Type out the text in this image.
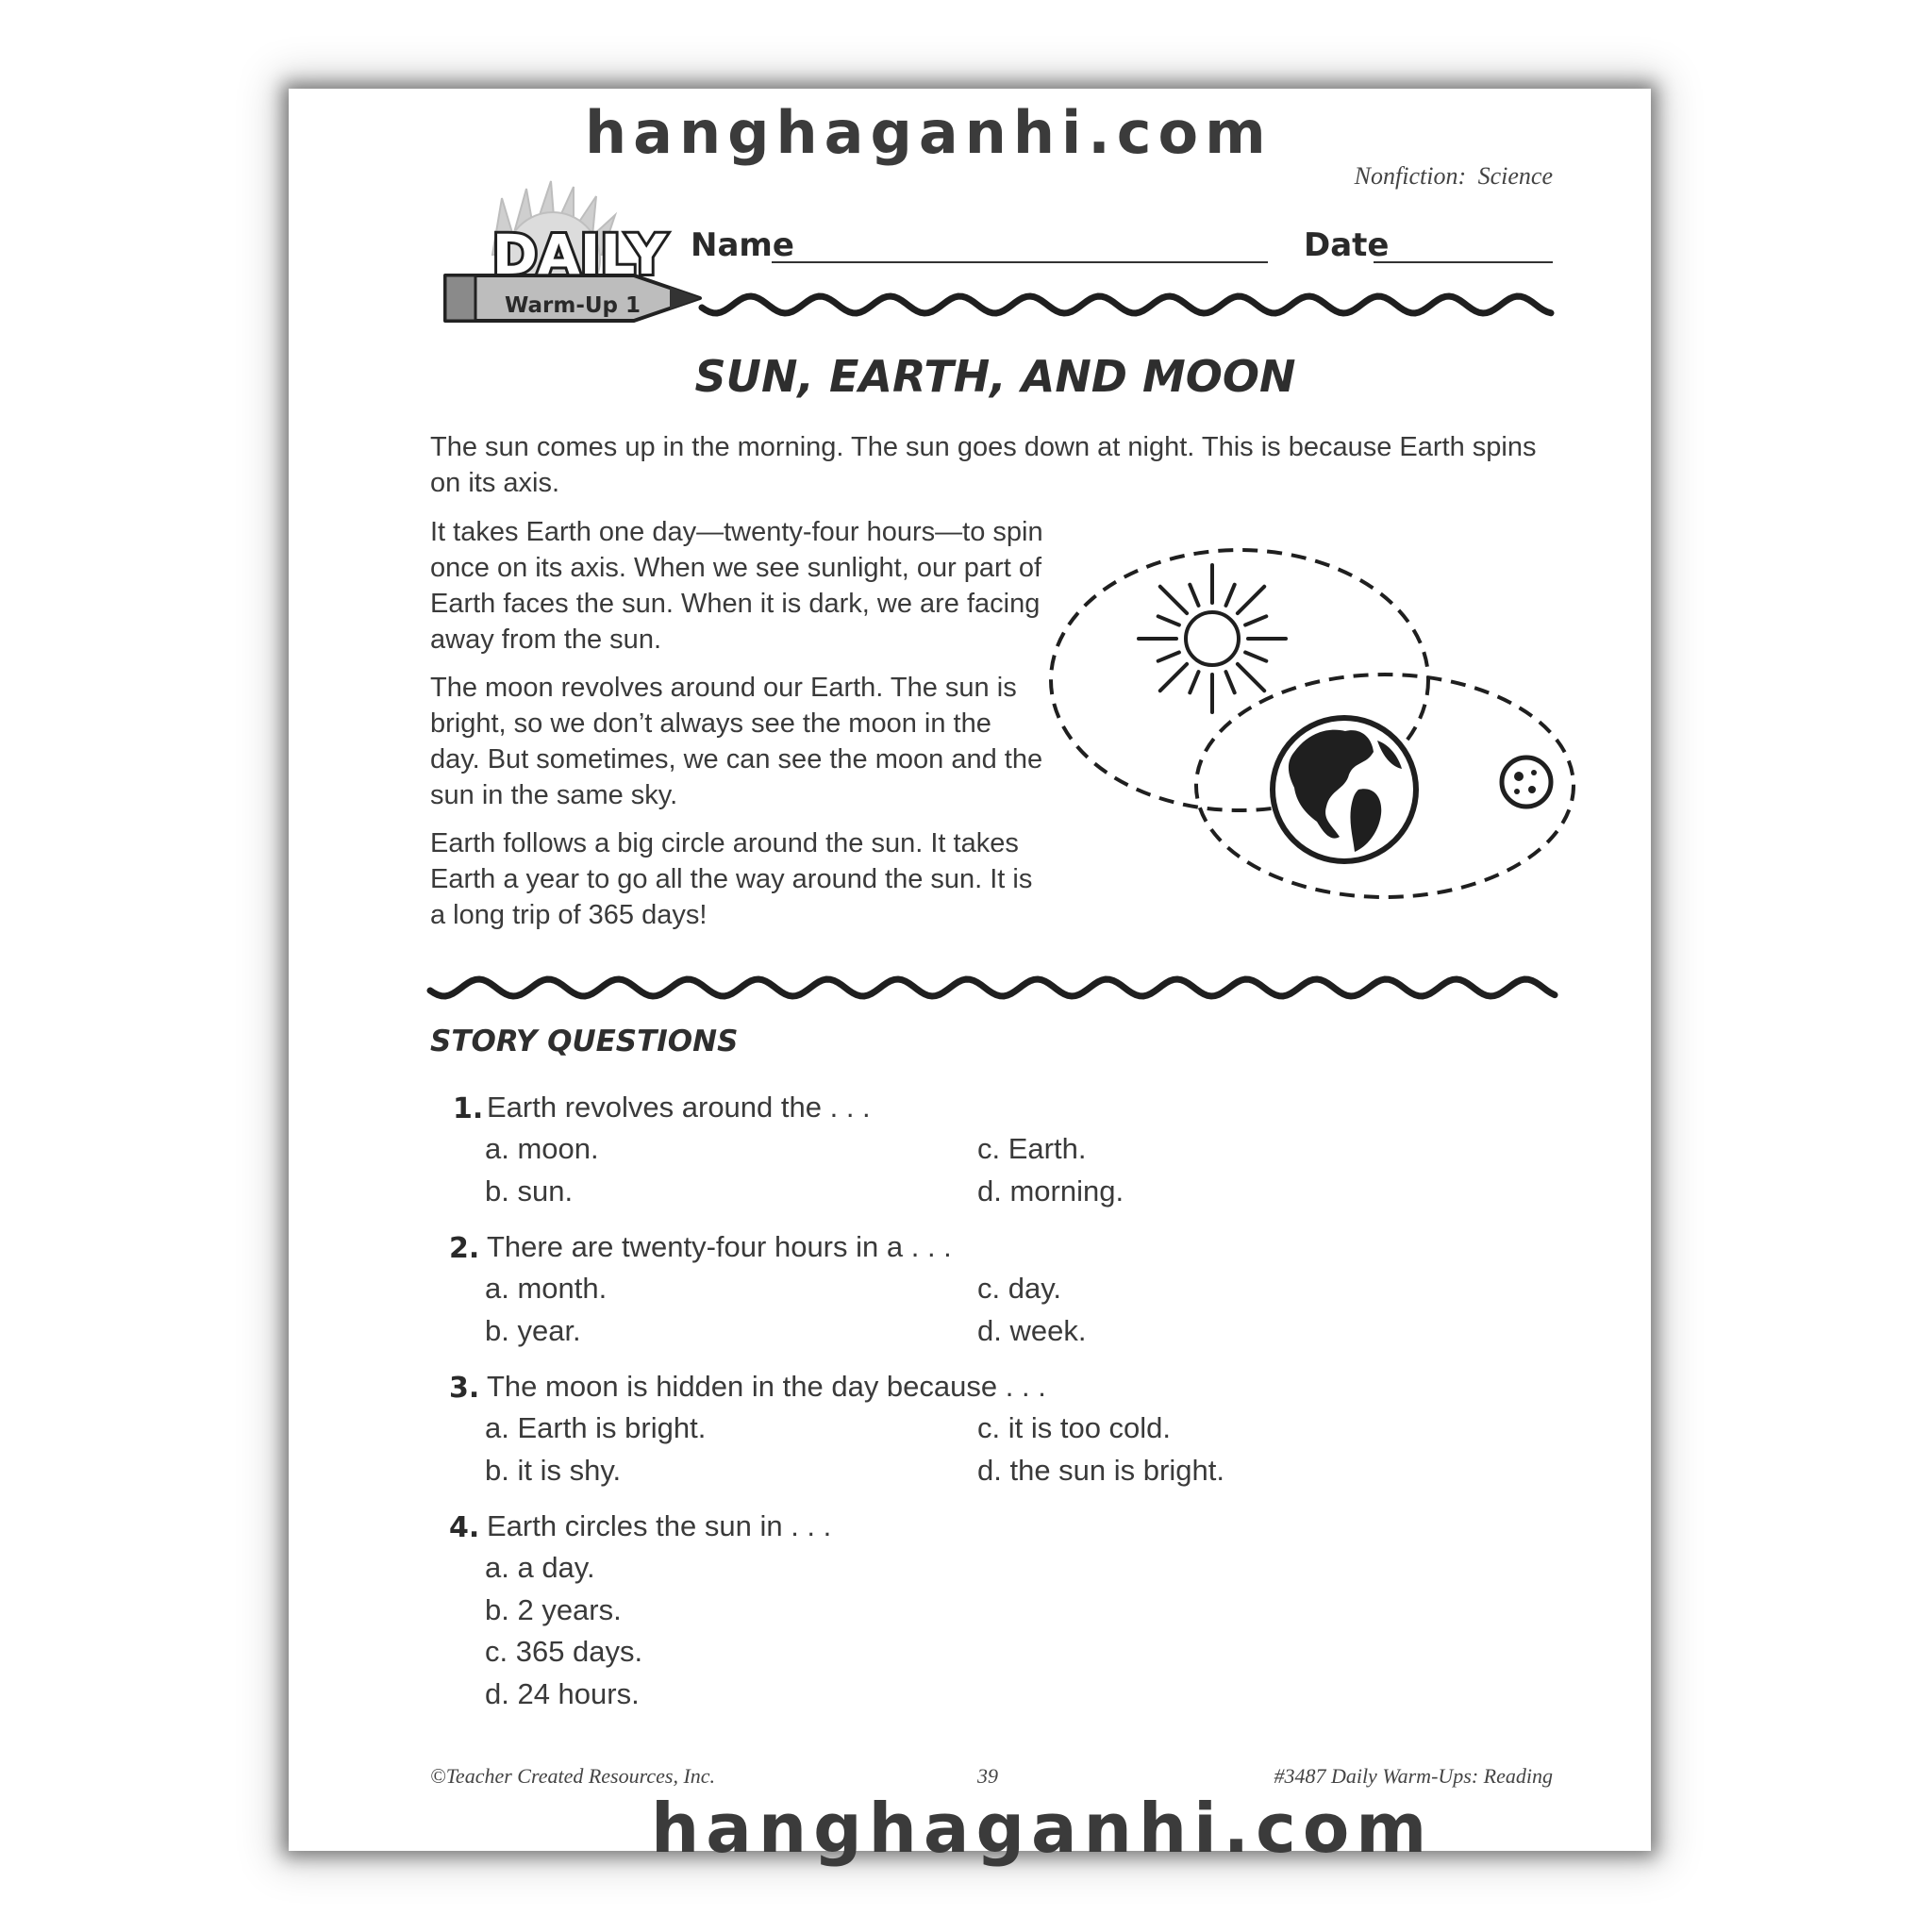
hanghaganhi.com
Nonfiction: Science
DAILY
Warm-Up 1
Name	Date
SUN, EARTH, AND MOON

The sun comes up in the morning. The sun goes down at night. This is because Earth spins on its axis.

It takes Earth one day—twenty-four hours—to spin once on its axis. When we see sunlight, our part of Earth faces the sun. When it is dark, we are facing away from the sun.

The moon revolves around our Earth. The sun is bright, so we don’t always see the moon in the day. But sometimes, we can see the moon and the sun in the same sky.

Earth follows a big circle around the sun. It takes Earth a year to go all the way around the sun. It is a long trip of 365 days!

STORY QUESTIONS
1. Earth revolves around the . . .
a. moon.
b. sun.
c. Earth.
d. morning.
2. There are twenty-four hours in a . . .
a. month.
b. year.
c. day.
d. week.
3. The moon is hidden in the day because . . .
a. Earth is bright.
b. it is shy.
c. it is too cold.
d. the sun is bright.
4. Earth circles the sun in . . .
a. a day.
b. 2 years.
c. 365 days.
d. 24 hours.
©Teacher Created Resources, Inc.	39	#3487 Daily Warm-Ups: Reading
hanghaganhi.com
